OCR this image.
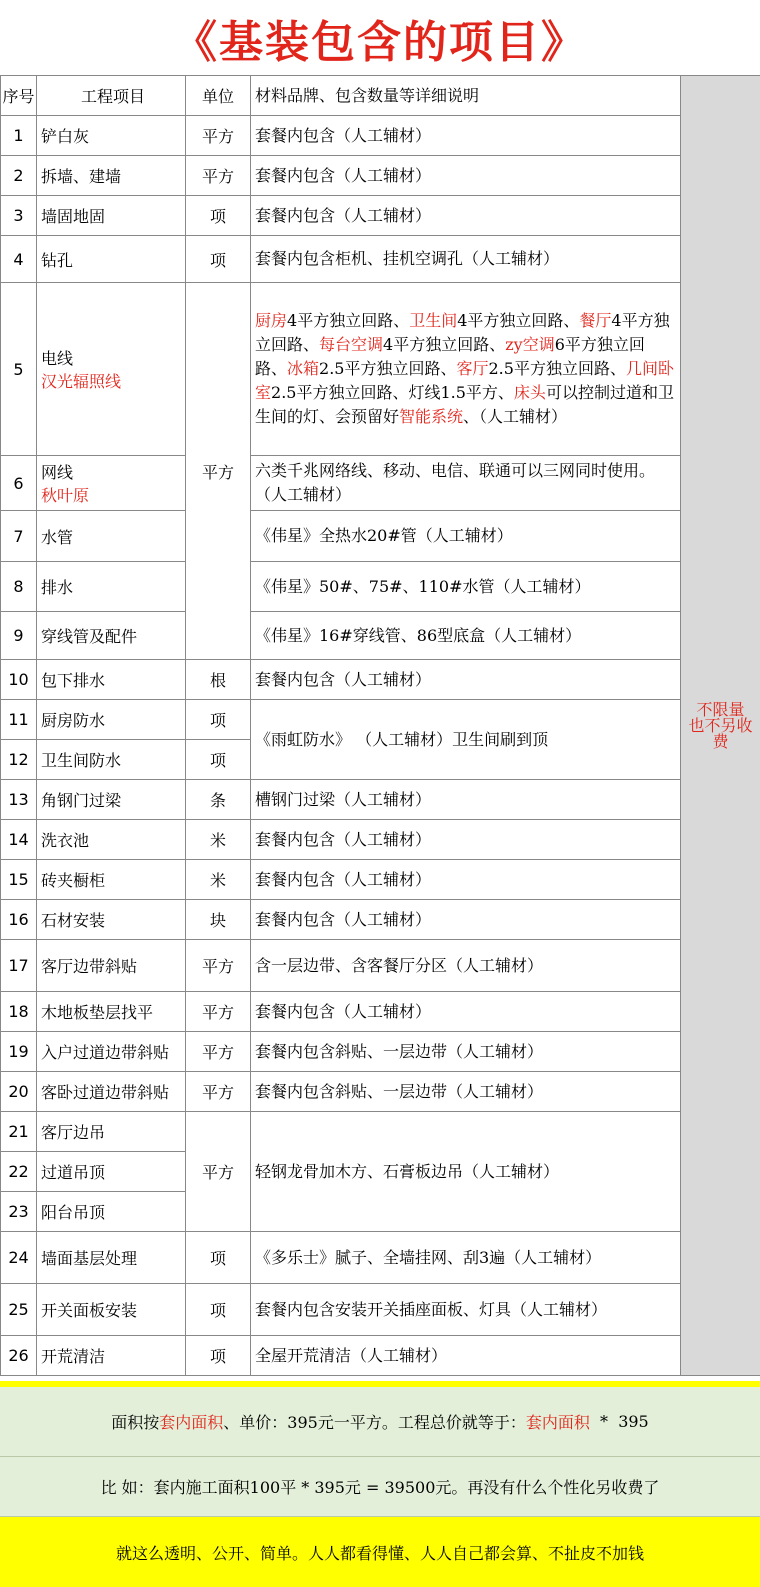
《基装包含的项目》
序号	工程项目	单位	材料品牌、包含数量等详细说明	不限量
也不另收费

1	铲白灰	平方	套餐内包含（人工辅材）	
2	拆墙、建墙	平方	套餐内包含（人工辅材）	
3	墙固地固	项	套餐内包含（人工辅材）	
4	钻孔	项	套餐内包含柜机、挂机空调孔（人工辅材）	
5	电线
汉光辐照线	平方	厨房4平方独立回路、卫生间4平方独立回路、餐厅4平方独立回路、每台空调4平方独立回路、zy空调6平方独立回路、冰箱2.5平方独立回路、客厅2.5平方独立回路、几间卧室2.5平方独立回路、灯线1.5平方、床头可以控制过道和卫生间的灯、会预留好智能系统、（人工辅材）	
6	网线
秋叶原		六类千兆网络线、移动、电信、联通可以三网同时使用。（人工辅材）	
7	水管		《伟星》全热水20#管（人工辅材）	
8	排水		《伟星》50#、75#、110#水管（人工辅材）	
9	穿线管及配件		《伟星》16#穿线管、86型底盒（人工辅材）	
10	包下排水	根	套餐内包含（人工辅材）	
11	厨房防水	项	《雨虹防水》 （人工辅材）卫生间刷到顶	
12	卫生间防水	项		
13	角钢门过梁	条	槽钢门过梁（人工辅材）	
14	洗衣池	米	套餐内包含（人工辅材）	
15	砖夹橱柜	米	套餐内包含（人工辅材）	
16	石材安装	块	套餐内包含（人工辅材）	
17	客厅边带斜贴	平方	含一层边带、含客餐厅分区（人工辅材）	
18	木地板垫层找平	平方	套餐内包含（人工辅材）	
19	入户过道边带斜贴	平方	套餐内包含斜贴、一层边带（人工辅材）	
20	客卧过道边带斜贴	平方	套餐内包含斜贴、一层边带（人工辅材）	
21	客厅边吊	平方	轻钢龙骨加木方、石膏板边吊（人工辅材）	
22	过道吊顶			
23	阳台吊顶			
24	墙面基层处理	项	《多乐士》腻子、全墙挂网、刮3遍（人工辅材）	
25	开关面板安装	项	套餐内包含安装开关插座面板、灯具（人工辅材）	
26	开荒清洁	项	全屋开荒清洁（人工辅材）	
面积按 套内面积 、单价：395元一平方。工程总价就等于： 套内面积 *  395
比 如：套内施工面积100平 * 395元 = 39500元。再没有什么个性化另收费了
就这么透明、公开、简单。人人都看得懂、人人自己都会算、不扯皮不加钱
